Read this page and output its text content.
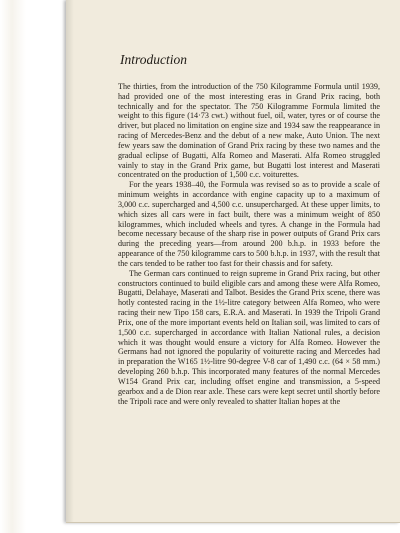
Introduction

The thirties, from the introduction of the 750 Kilogramme Formula until 1939, had provided one of the most interesting eras in Grand Prix racing, both technically and for the spectator. The 750 Kilogramme Formula limited the weight to this figure (14·73 cwt.) without fuel, oil, water, tyres or of course the driver, but placed no limitation on engine size and 1934 saw the reappearance in racing of Mercedes-Benz and the debut of a new make, Auto Union. The next few years saw the domination of Grand Prix racing by these two names and the gradual eclipse of Bugatti, Alfa Romeo and Maserati. Alfa Romeo struggled vainly to stay in the Grand Prix game, but Bugatti lost interest and Maserati concentrated on the production of 1,500 c.c. voiturettes.

For the years 1938–40, the Formula was revised so as to provide a scale of minimum weights in accordance with engine capacity up to a maximum of 3,000 c.c. supercharged and 4,500 c.c. unsupercharged. At these upper limits, to which sizes all cars were in fact built, there was a minimum weight of 850 kilogrammes, which included wheels and tyres. A change in the Formula had become necessary because of the sharp rise in power outputs of Grand Prix cars during the preceding years—from around 200 b.h.p. in 1933 before the appearance of the 750 kilogramme cars to 500 b.h.p. in 1937, with the result that the cars tended to be rather too fast for their chassis and for safety.

The German cars continued to reign supreme in Grand Prix racing, but other constructors continued to build eligible cars and among these were Alfa Romeo, Bugatti, Delahaye, Maserati and Talbot. Besides the Grand Prix scene, there was hotly contested racing in the 1½-litre category between Alfa Romeo, who were racing their new Tipo 158 cars, E.R.A. and Maserati. In 1939 the Tripoli Grand Prix, one of the more important events held on Italian soil, was limited to cars of 1,500 c.c. supercharged in accordance with Italian National rules, a decision which it was thought would ensure a victory for Alfa Romeo. However the Germans had not ignored the popularity of voiturette racing and Mercedes had in preparation the W165 1½-litre 90-degree V-8 car of 1,490 c.c. (64 × 58 mm.) developing 260 b.h.p. This incorporated many features of the normal Mercedes W154 Grand Prix car, including offset engine and transmission, a 5-speed gearbox and a de Dion rear axle. These cars were kept secret until shortly before the Tripoli race and were only revealed to shatter Italian hopes at the
